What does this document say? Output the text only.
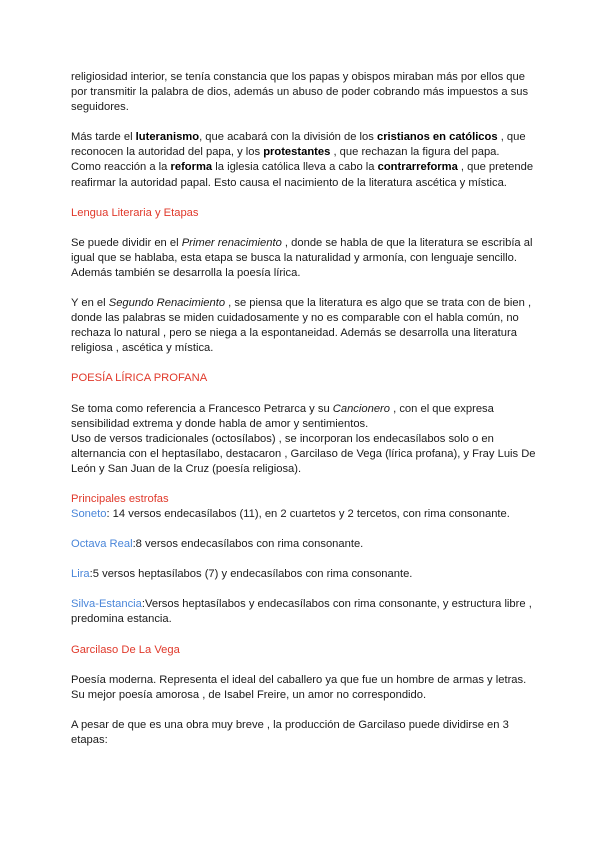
religiosidad interior, se tenía constancia que los papas y obispos miraban más por ellos que por transmitir la palabra de dios, además un abuso de poder cobrando más impuestos a sus seguidores.

Más tarde el luteranismo, que acabará con la división de los cristianos en católicos , que reconocen la autoridad del papa, y los protestantes , que rechazan la figura del papa.
Como reacción a la reforma la iglesia católica lleva a cabo la contrarreforma , que pretende reafirmar la autoridad papal. Esto causa el nacimiento de la literatura ascética y mística.

Lengua Literaria y Etapas

Se puede dividir en el Primer renacimiento , donde se habla de que la literatura se escribía al igual que se hablaba, esta etapa se busca la naturalidad y armonía, con lenguaje sencillo. Además también se desarrolla la poesía lírica.

Y en el Segundo Renacimiento , se piensa que la literatura es algo que se trata con de bien , donde las palabras se miden cuidadosamente y no es comparable con el habla común, no rechaza lo natural , pero se niega a la espontaneidad. Además se desarrolla una literatura religiosa , ascética y mística.

POESÍA LÍRICA PROFANA

Se toma como referencia a Francesco Petrarca y su Cancionero , con el que expresa sensibilidad extrema y donde habla de amor y sentimientos.

Uso de versos tradicionales (octosílabos) , se incorporan los endecasílabos solo o en alternancia con el heptasílabo, destacaron , Garcilaso de Vega (lírica profana), y Fray Luis De León y San Juan de la Cruz (poesía religiosa).

Principales estrofas

Soneto: 14 versos endecasílabos (11), en 2 cuartetos y 2 tercetos, con rima consonante.

Octava Real:8 versos endecasílabos con rima consonante.

Lira:5 versos heptasílabos (7) y endecasílabos con rima consonante.

Silva-Estancia:Versos heptasílabos y endecasílabos con rima consonante, y estructura libre , predomina estancia.

Garcilaso De La Vega

Poesía moderna. Representa el ideal del caballero ya que fue un hombre de armas y letras. Su mejor poesía amorosa , de Isabel Freire, un amor no correspondido.

A pesar de que es una obra muy breve , la producción de Garcilaso puede dividirse en 3 etapas:
